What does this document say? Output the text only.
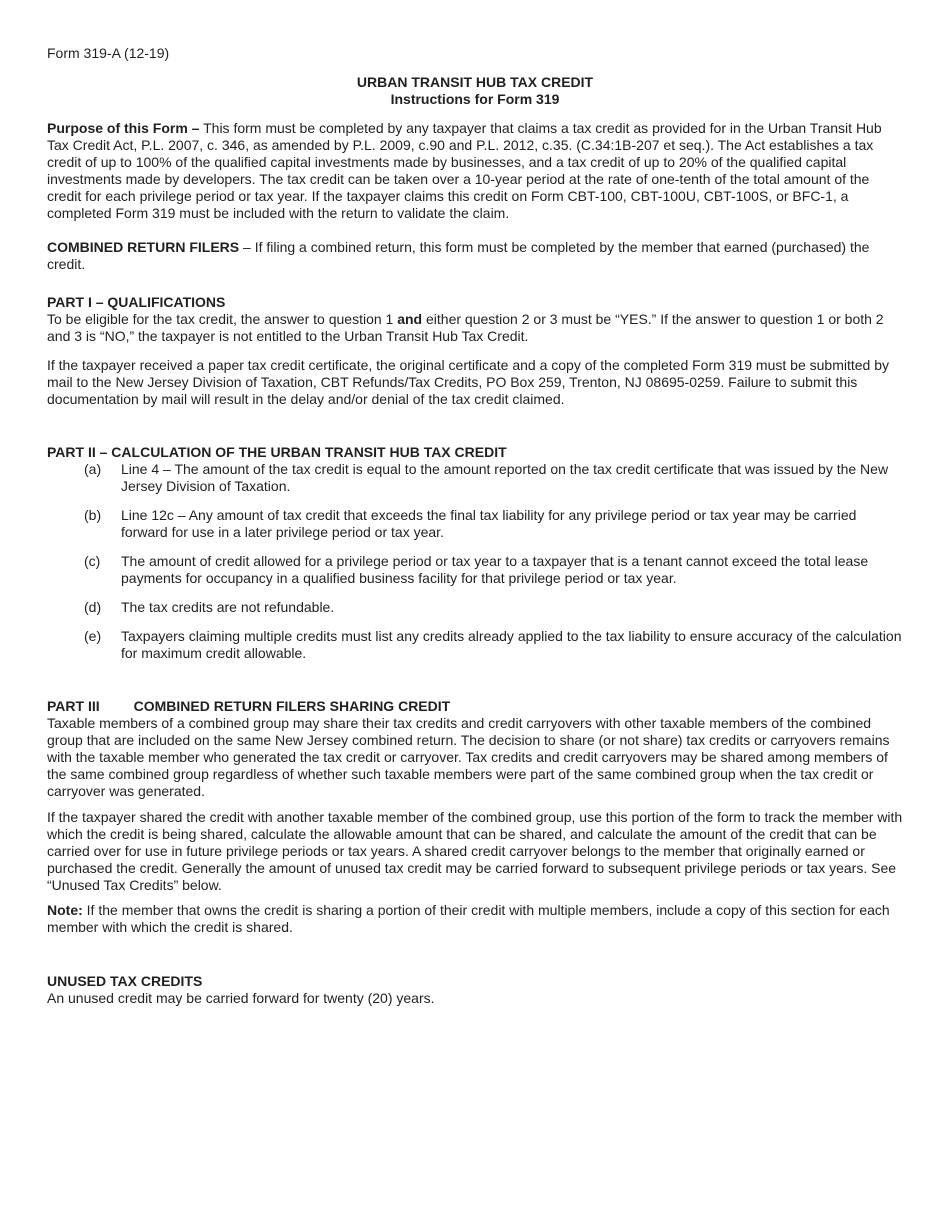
Form 319-A (12-19)
URBAN TRANSIT HUB TAX CREDIT
Instructions for Form 319

Purpose of this Form – This form must be completed by any taxpayer that claims a tax credit as provided for in the Urban Transit Hub Tax Credit Act, P.L. 2007, c. 346, as amended by P.L. 2009, c.90 and P.L. 2012, c.35. (C.34:1B-207 et seq.). The Act establishes a tax credit of up to 100% of the qualified capital investments made by businesses, and a tax credit of up to 20% of the qualified capital investments made by developers. The tax credit can be taken over a 10-year period at the rate of one-tenth of the total amount of the credit for each privilege period or tax year. If the taxpayer claims this credit on Form CBT-100, CBT-100U, CBT-100S, or BFC-1, a completed Form 319 must be included with the return to validate the claim.

COMBINED RETURN FILERS – If filing a combined return, this form must be completed by the member that earned (purchased) the credit.

PART I – QUALIFICATIONS
To be eligible for the tax credit, the answer to question 1 and either question 2 or 3 must be “YES.” If the answer to question 1 or both 2 and 3 is “NO,” the taxpayer is not entitled to the Urban Transit Hub Tax Credit.

If the taxpayer received a paper tax credit certificate, the original certificate and a copy of the completed Form 319 must be submitted by mail to the New Jersey Division of Taxation, CBT Refunds/Tax Credits, PO Box 259, Trenton, NJ 08695-0259. Failure to submit this documentation by mail will result in the delay and/or denial of the tax credit claimed.

PART II – CALCULATION OF THE URBAN TRANSIT HUB TAX CREDIT
(a)	Line 4 – The amount of the tax credit is equal to the amount reported on the tax credit certificate that was issued by the New Jersey Division of Taxation.
(b)	Line 12c – Any amount of tax credit that exceeds the final tax liability for any privilege period or tax year may be carried forward for use in a later privilege period or tax year.
(c)	The amount of credit allowed for a privilege period or tax year to a taxpayer that is a tenant cannot exceed the total lease payments for occupancy in a qualified business facility for that privilege period or tax year.
(d)	The tax credits are not refundable.
(e)	Taxpayers claiming multiple credits must list any credits already applied to the tax liability to ensure accuracy of the calculation for maximum credit allowable.
PART III COMBINED RETURN FILERS SHARING CREDIT
Taxable members of a combined group may share their tax credits and credit carryovers with other taxable members of the combined group that are included on the same New Jersey combined return. The decision to share (or not share) tax credits or carryovers remains with the taxable member who generated the tax credit or carryover. Tax credits and credit carryovers may be shared among members of the same combined group regardless of whether such taxable members were part of the same combined group when the tax credit or carryover was generated.

If the taxpayer shared the credit with another taxable member of the combined group, use this portion of the form to track the member with which the credit is being shared, calculate the allowable amount that can be shared, and calculate the amount of the credit that can be carried over for use in future privilege periods or tax years. A shared credit carryover belongs to the member that originally earned or purchased the credit. Generally the amount of unused tax credit may be carried forward to subsequent privilege periods or tax years. See “Unused Tax Credits” below.

Note: If the member that owns the credit is sharing a portion of their credit with multiple members, include a copy of this section for each member with which the credit is shared.

UNUSED TAX CREDITS
An unused credit may be carried forward for twenty (20) years.
